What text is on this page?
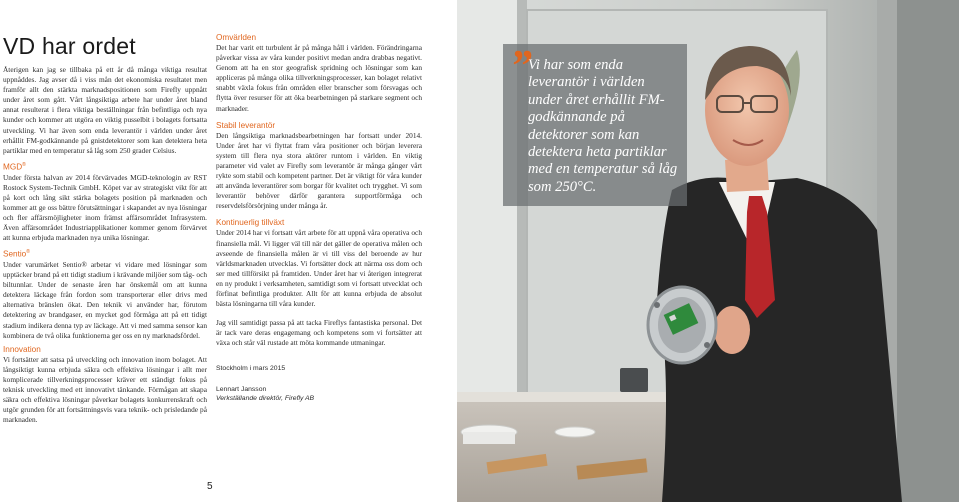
VD har ordet

Återigen kan jag se tillbaka på ett år då många viktiga resultat uppnåddes. Jag avser då i viss mån det ekonomiska resultatet men framför allt den stärkta marknadspositionen som Firefly uppnått under året som gått. Vårt långsiktiga arbete har under året bland annat resulterat i flera viktiga beställningar från befintliga och nya kunder och kommer att utgöra en viktig pusselbit i bolagets fortsatta utveckling. Vi har även som enda leverantör i världen under året erhållit FM-godkännande på gnistdetektorer som kan detektera heta partiklar med en temperatur så låg som 250 grader Celsius.

MGD®

Under första halvan av 2014 förvärvades MGD-teknologin av RST Rostock System-Technik GmbH. Köpet var av strategiskt vikt för att på kort och lång sikt stärka bolagets position på marknaden och kommer att ge oss bättre förutsättningar i skapandet av nya lösningar och fler affärsmöjligheter inom främst affärsområdet Infrasystem. Även affärsområdet Industriapplikationer kommer genom förvärvet att kunna erbjuda marknaden nya unika lösningar.

Sentio®

Under varumärket Sentio® arbetar vi vidare med lösningar som upptäcker brand på ett tidigt stadium i krävande miljöer som tåg- och biltunnlar. Under de senaste åren har önskemål om att kunna detektera läckage från fordon som transporterar eller drivs med alternativa bränslen ökat. Den teknik vi använder har, förutom detektering av brandgaser, en mycket god förmåga att på ett tidigt stadium indikera denna typ av läckage. Att vi med samma sensor kan kombinera de två olika funktionerna ger oss en ny marknadsfördel.

Innovation

Vi fortsätter att satsa på utveckling och innovation inom bolaget. Att långsiktigt kunna erbjuda säkra och effektiva lösningar i allt mer komplicerade tillverkningsprocesser kräver ett ständigt fokus på teknisk utveckling med ett innovativt tänkande. Förmågan att skapa säkra och effektiva lösningar påverkar bolagets konkurrenskraft och utgör grunden för att fortsättningsvis vara teknik- och prisledande på marknaden.

Omvärlden

Det har varit ett turbulent år på många håll i världen. Förändringarna påverkar vissa av våra kunder positivt medan andra drabbas negativt. Genom att ha en stor geografisk spridning och lösningar som kan appliceras på många olika tillverkningsprocesser, kan bolaget relativt snabbt växla fokus från områden eller branscher som försvagas och flytta över resurser för att öka bearbetningen på starkare segment och marknader.

Stabil leverantör

Den långsiktiga marknadsbearbetningen har fortsatt under 2014. Under året har vi flyttat fram våra positioner och början leverera system till flera nya stora aktörer runtom i världen. En viktig parameter vid valet av Firefly som leverantör är många gånger vårt rykte som stabil och kompetent partner. Det är viktigt för våra kunder att använda leverantörer som borgar för kvalitet och trygghet. Vi som leverantör behöver därför garantera supportförmåga och reservdelsförsörjning under många år.

Kontinuerlig tillväxt

Under 2014 har vi fortsatt vårt arbete för att uppnå våra operativa och finansiella mål. Vi ligger väl till när det gäller de operativa målen och avseende de finansiella målen är vi till viss del beroende av hur världsmarknaden utvecklas. Vi fortsätter dock att närma oss dom och ser med tillförsikt på framtiden. Under året har vi återigen integrerat en ny produkt i verksamheten, samtidigt som vi fortsatt utvecklat och förfinat befintliga produkter. Allt för att kunna erbjuda de absolut bästa lösningarna till våra kunder.

Jag vill samtidigt passa på att tacka Fireflys fantastiska personal. Det är tack vare deras engagemang och kompetens som vi fortsätter att växa och står väl rustade att möta kommande utmaningar.

Stockholm i mars 2015
Lennart Jansson
Verkställande direktör, Firefly AB
5
”
Vi har som enda leverantör i världen under året erhållit FM-godkännande på detektorer som kan detektera heta partiklar med en temperatur så låg som 250°C.
